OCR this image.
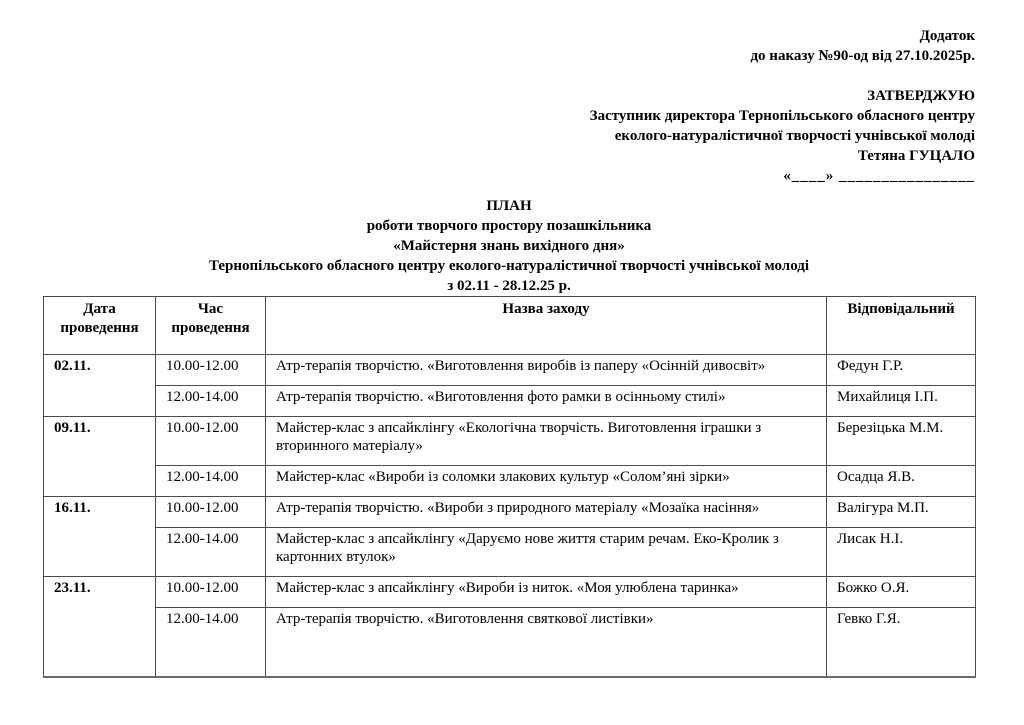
Додаток
до наказу №90-од від 27.10.2025р.
ЗАТВЕРДЖУЮ
Заступник директора Тернопільського обласного центру
еколого-натуралістичної творчості учнівської молоді
Тетяна ГУЦАЛО
«____» ________________
ПЛАН
роботи творчого простору позашкільника
«Майстерня знань вихідного дня»
Тернопільського обласного центру еколого-натуралістичної творчості учнівської молоді
з 02.11 - 28.12.25 р.
Дата проведення	Час проведення	Назва заходу	Відповідальний
02.11.	10.00-12.00	Атр-терапія творчістю. «Виготовлення виробів із паперу «Осінній дивосвіт»	Федун Г.Р.
	12.00-14.00	Атр-терапія творчістю. «Виготовлення фото рамки в осінньому стилі»	Михайлиця І.П.
09.11.	10.00-12.00	Майстер-клас з апсайклінгу «Екологічна творчість. Виготовлення іграшки з вторинного матеріалу»	Березіцька М.М.
	12.00-14.00	Майстер-клас «Вироби із соломки злакових культур «Солом’яні зірки»	Осадца Я.В.
16.11.	10.00-12.00	Атр-терапія творчістю. «Вироби з природного матеріалу «Мозаїка насіння»	Валігура М.П.
	12.00-14.00	Майстер-клас з апсайклінгу «Даруємо нове життя старим речам. Еко-Кролик з картонних втулок»	Лисак Н.І.
23.11.	10.00-12.00	Майстер-клас з апсайклінгу «Вироби із ниток. «Моя улюблена таринка»	Божко О.Я.
	12.00-14.00	Атр-терапія творчістю. «Виготовлення святкової листівки»	Гевко Г.Я.
